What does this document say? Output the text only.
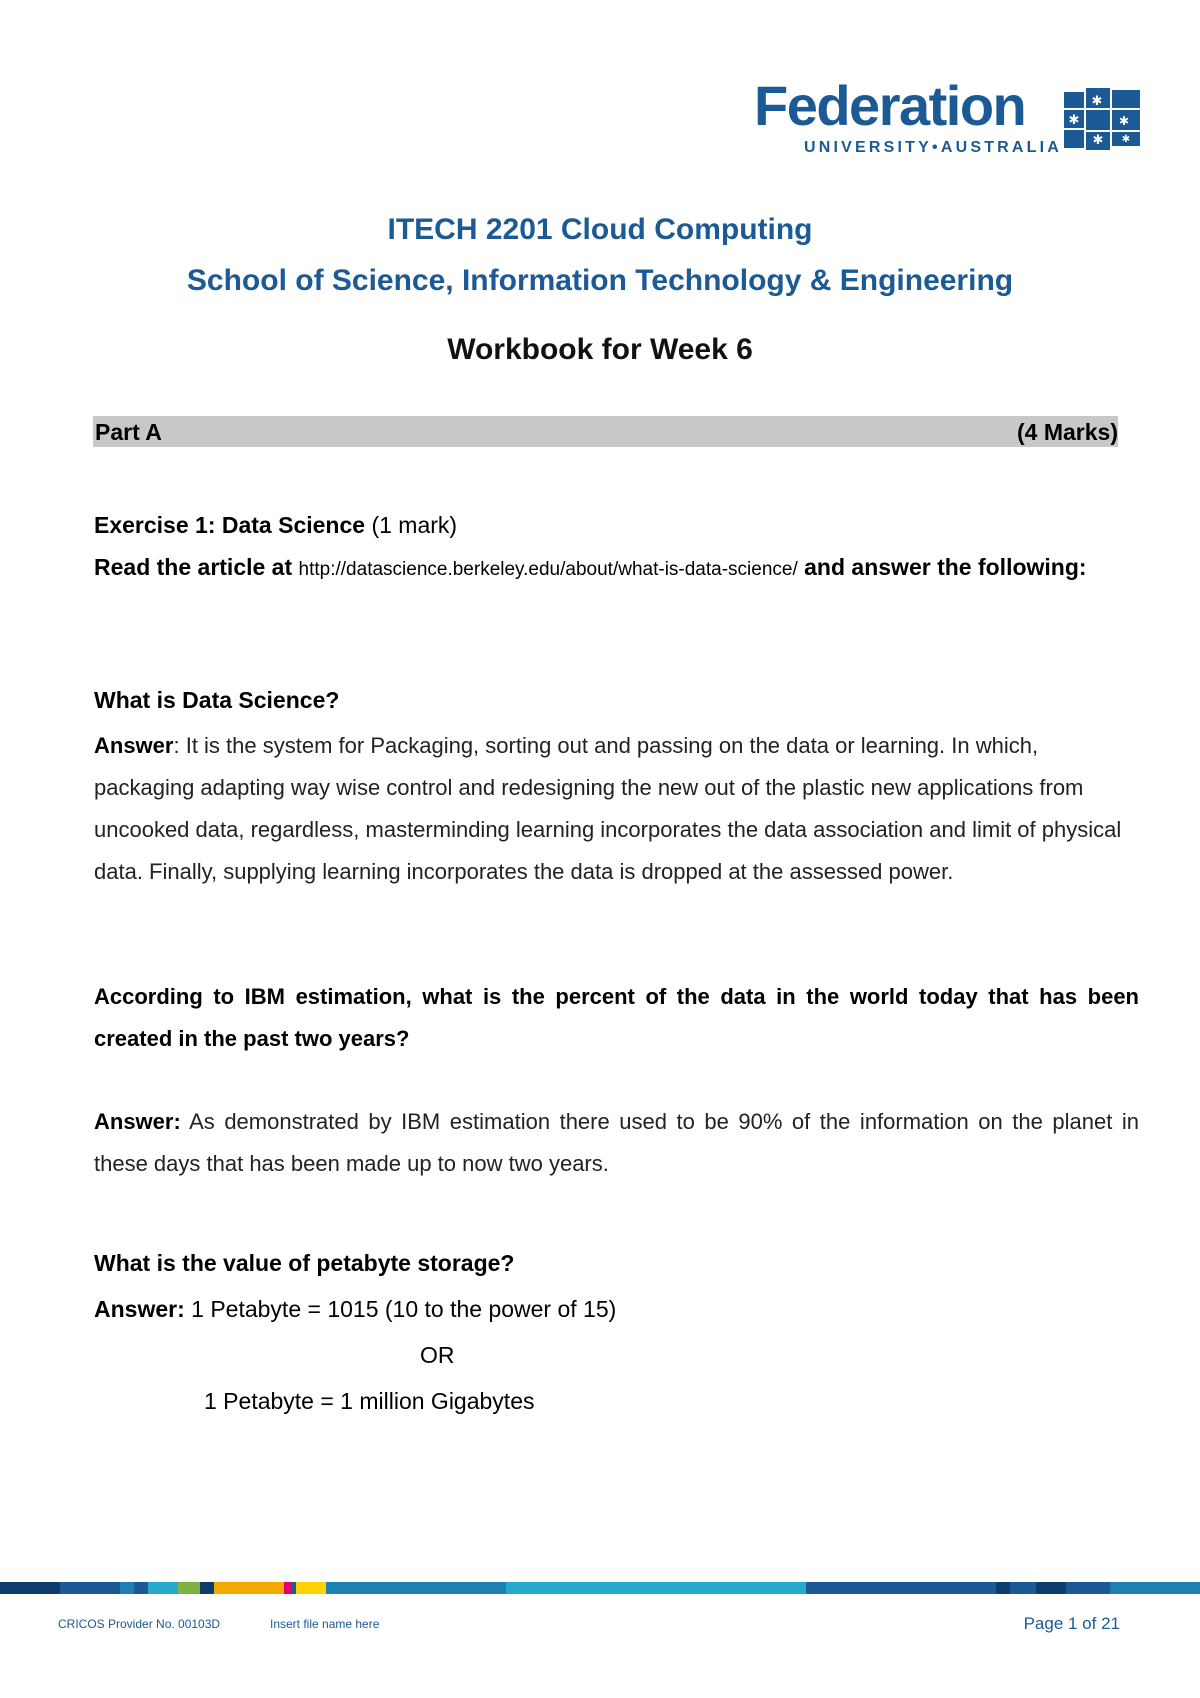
Federation
UNIVERSITY•AUSTRALIA
✱
✱	✱
✱ ✱
ITECH 2201 Cloud Computing
School of Science, Information Technology & Engineering
Workbook for Week 6
Part A	(4 Marks)
Exercise 1: Data Science (1 mark)
Read the article at http://datascience.berkeley.edu/about/what-is-data-science/ and answer the following:
What is Data Science?
Answer: It is the system for Packaging, sorting out and passing on the data or learning. In which, packaging adapting way wise control and redesigning the new out of the plastic new applications from uncooked data, regardless, masterminding learning incorporates the data association and limit of physical data. Finally, supplying learning incorporates the data is dropped at the assessed power.
According to IBM estimation, what is the percent of the data in the world today that has been created in the past two years?
Answer: As demonstrated by IBM estimation there used to be 90% of the information on the planet in these days that has been made up to now two years.
What is the value of petabyte storage?
Answer: 1 Petabyte = 1015 (10 to the power of 15)
OR
1 Petabyte = 1 million Gigabytes
CRICOS Provider No. 00103D	Insert file name here	Page 1 of 21
